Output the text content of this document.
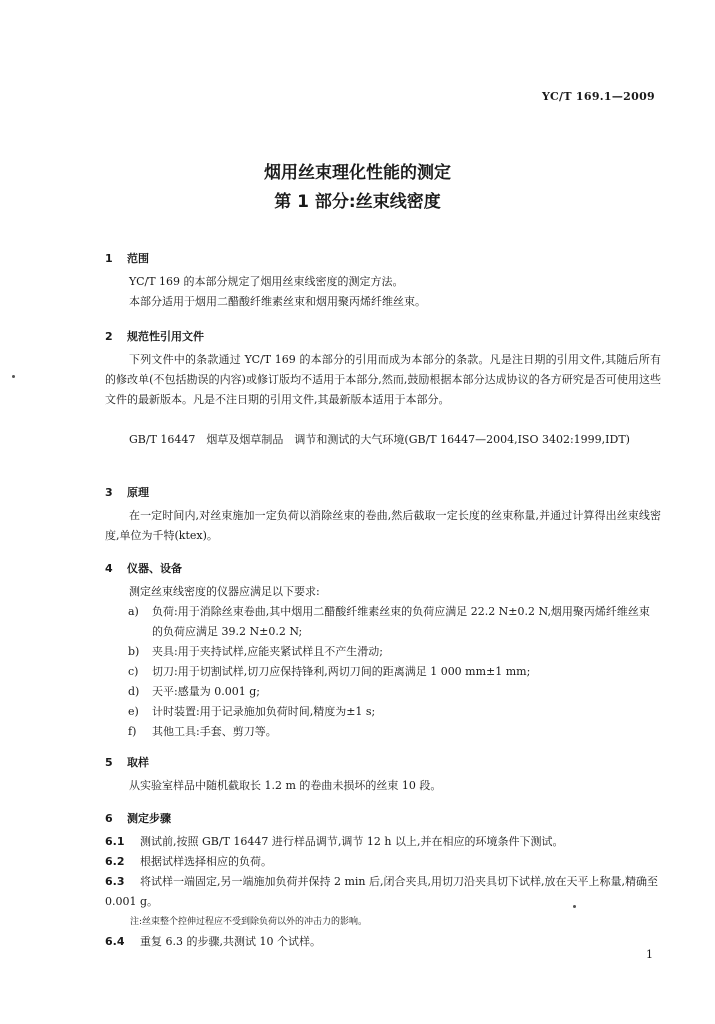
YC/T 169.1—2009
烟用丝束理化性能的测定
第 1 部分:丝束线密度
1 范围
YC/T 169 的本部分规定了烟用丝束线密度的测定方法。
本部分适用于烟用二醋酸纤维素丝束和烟用聚丙烯纤维丝束。
2 规范性引用文件
下列文件中的条款通过 YC/T 169 的本部分的引用而成为本部分的条款。凡是注日期的引用文件,其随后所有的修改单(不包括勘误的内容)或修订版均不适用于本部分,然而,鼓励根据本部分达成协议的各方研究是否可使用这些文件的最新版本。凡是不注日期的引用文件,其最新版本适用于本部分。
GB/T 16447　烟草及烟草制品　调节和测试的大气环境(GB/T 16447—2004,ISO 3402:1999,IDT)
3 原理
在一定时间内,对丝束施加一定负荷以消除丝束的卷曲,然后截取一定长度的丝束称量,并通过计算得出丝束线密度,单位为千特(ktex)。
4 仪器、设备
测定丝束线密度的仪器应满足以下要求:
a) 负荷:用于消除丝束卷曲,其中烟用二醋酸纤维素丝束的负荷应满足 22.2 N±0.2 N,烟用聚丙烯纤维丝束的负荷应满足 39.2 N±0.2 N;
b) 夹具:用于夹持试样,应能夹紧试样且不产生滑动;
c) 切刀:用于切割试样,切刀应保持锋利,两切刀间的距离满足 1 000 mm±1 mm;
d) 天平:感量为 0.001 g;
e) 计时装置:用于记录施加负荷时间,精度为±1 s;
f) 其他工具:手套、剪刀等。
5 取样
从实验室样品中随机截取长 1.2 m 的卷曲未损坏的丝束 10 段。
6 测定步骤
6.1 测试前,按照 GB/T 16447 进行样品调节,调节 12 h 以上,并在相应的环境条件下测试。
6.2 根据试样选择相应的负荷。
6.3 将试样一端固定,另一端施加负荷并保持 2 min 后,闭合夹具,用切刀沿夹具切下试样,放在天平上称量,精确至 0.001 g。
注:丝束整个控伸过程应不受到除负荷以外的冲击力的影响。
6.4 重复 6.3 的步骤,共测试 10 个试样。
1
